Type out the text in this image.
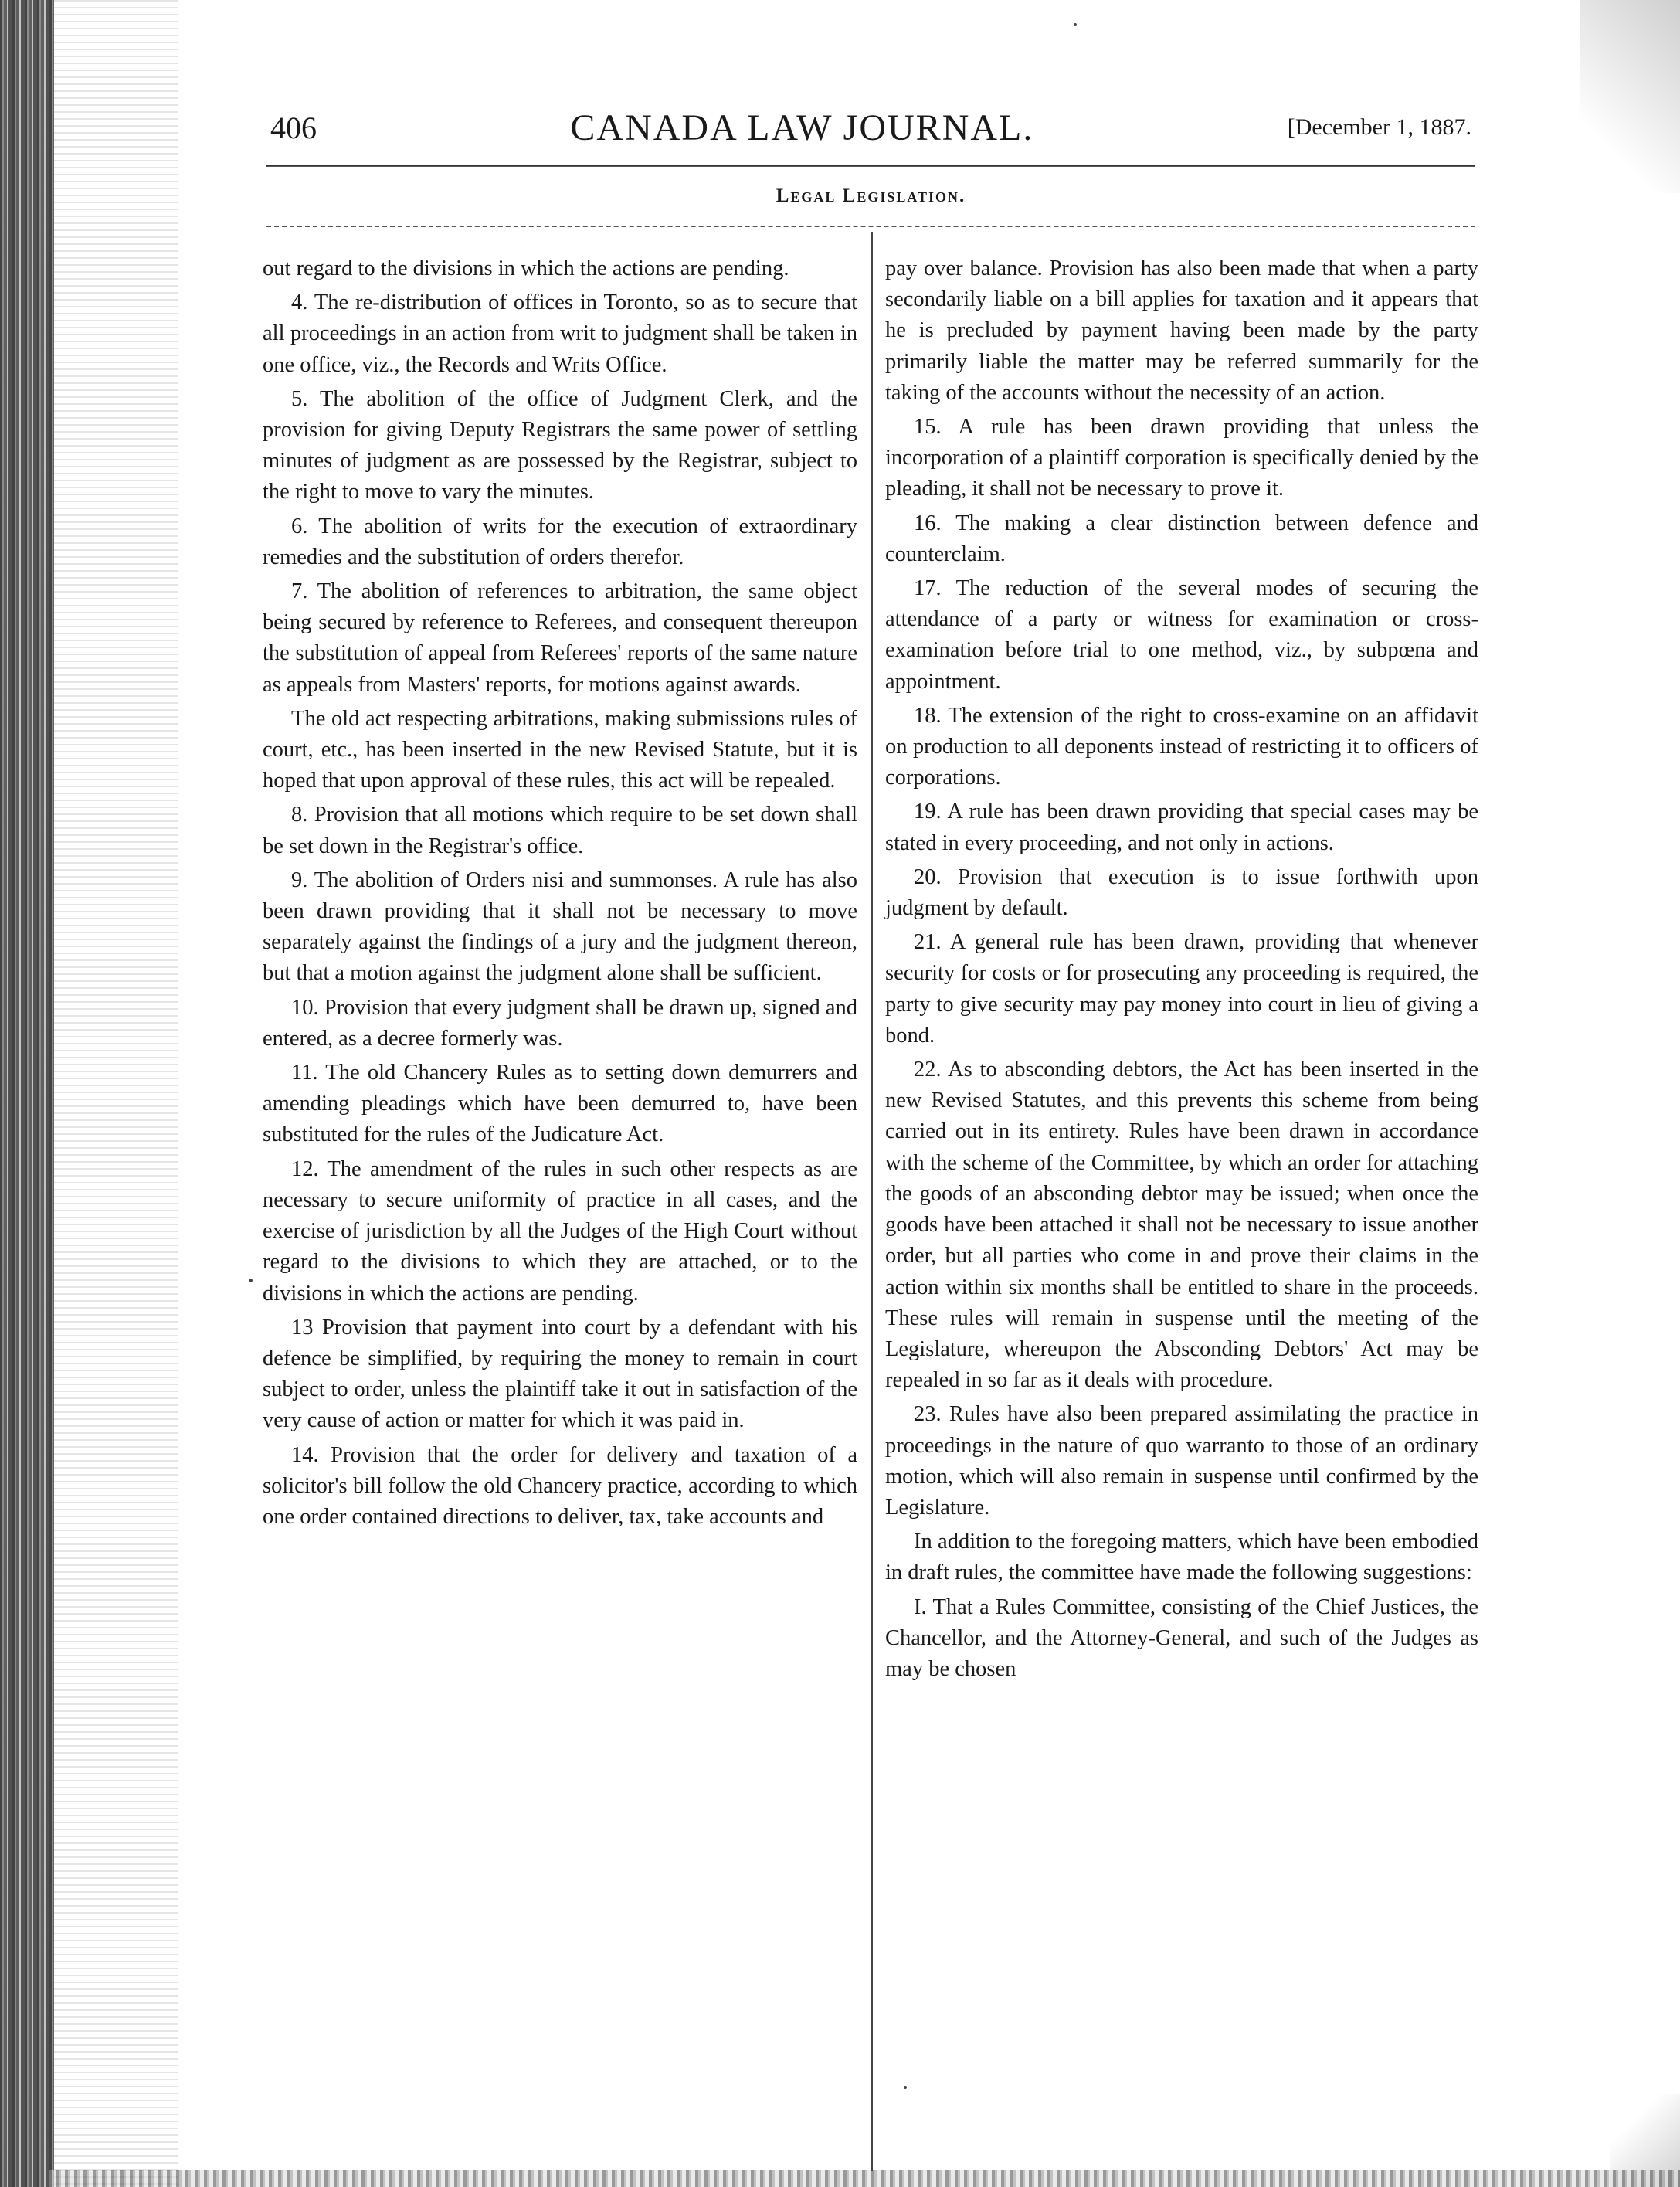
406	CANADA LAW JOURNAL.	[December 1, 1887.
Legal Legislation.

out regard to the divisions in which the actions are pending.

4. The re-distribution of offices in Toronto, so as to secure that all proceedings in an action from writ to judgment shall be taken in one office, viz., the Records and Writs Office.

5. The abolition of the office of Judgment Clerk, and the provision for giving Deputy Registrars the same power of settling minutes of judgment as are possessed by the Registrar, subject to the right to move to vary the minutes.

6. The abolition of writs for the execution of extraordinary remedies and the substitution of orders therefor.

7. The abolition of references to arbitration, the same object being secured by reference to Referees, and consequent thereupon the substitution of appeal from Referees' reports of the same nature as appeals from Masters' reports, for motions against awards.

The old act respecting arbitrations, making submissions rules of court, etc., has been inserted in the new Revised Statute, but it is hoped that upon approval of these rules, this act will be repealed.

8. Provision that all motions which require to be set down shall be set down in the Registrar's office.

9. The abolition of Orders nisi and summonses. A rule has also been drawn providing that it shall not be necessary to move separately against the findings of a jury and the judgment thereon, but that a motion against the judgment alone shall be sufficient.

10. Provision that every judgment shall be drawn up, signed and entered, as a decree formerly was.

11. The old Chancery Rules as to setting down demurrers and amending pleadings which have been demurred to, have been substituted for the rules of the Judicature Act.

12. The amendment of the rules in such other respects as are necessary to secure uniformity of practice in all cases, and the exercise of jurisdiction by all the Judges of the High Court without regard to the divisions to which they are attached, or to the divisions in which the actions are pending.

13 Provision that payment into court by a defendant with his defence be simplified, by requiring the money to remain in court subject to order, unless the plaintiff take it out in satisfaction of the very cause of action or matter for which it was paid in.

14. Provision that the order for delivery and taxation of a solicitor's bill follow the old Chancery practice, according to which one order contained directions to deliver, tax, take accounts and

pay over balance. Provision has also been made that when a party secondarily liable on a bill applies for taxation and it appears that he is precluded by payment having been made by the party primarily liable the matter may be referred summarily for the taking of the accounts without the necessity of an action.

15. A rule has been drawn providing that unless the incorporation of a plaintiff corporation is specifically denied by the pleading, it shall not be necessary to prove it.

16. The making a clear distinction between defence and counterclaim.

17. The reduction of the several modes of securing the attendance of a party or witness for examination or cross-examination before trial to one method, viz., by subpœna and appointment.

18. The extension of the right to cross-examine on an affidavit on production to all deponents instead of restricting it to officers of corporations.

19. A rule has been drawn providing that special cases may be stated in every proceeding, and not only in actions.

20. Provision that execution is to issue forthwith upon judgment by default.

21. A general rule has been drawn, providing that whenever security for costs or for prosecuting any proceeding is required, the party to give security may pay money into court in lieu of giving a bond.

22. As to absconding debtors, the Act has been inserted in the new Revised Statutes, and this prevents this scheme from being carried out in its entirety. Rules have been drawn in accordance with the scheme of the Committee, by which an order for attaching the goods of an absconding debtor may be issued; when once the goods have been attached it shall not be necessary to issue another order, but all parties who come in and prove their claims in the action within six months shall be entitled to share in the proceeds. These rules will remain in suspense until the meeting of the Legislature, whereupon the Absconding Debtors' Act may be repealed in so far as it deals with procedure.

23. Rules have also been prepared assimilating the practice in proceedings in the nature of quo warranto to those of an ordinary motion, which will also remain in suspense until confirmed by the Legislature.

In addition to the foregoing matters, which have been embodied in draft rules, the committee have made the following suggestions:

I. That a Rules Committee, consisting of the Chief Justices, the Chancellor, and the Attorney-General, and such of the Judges as may be chosen
